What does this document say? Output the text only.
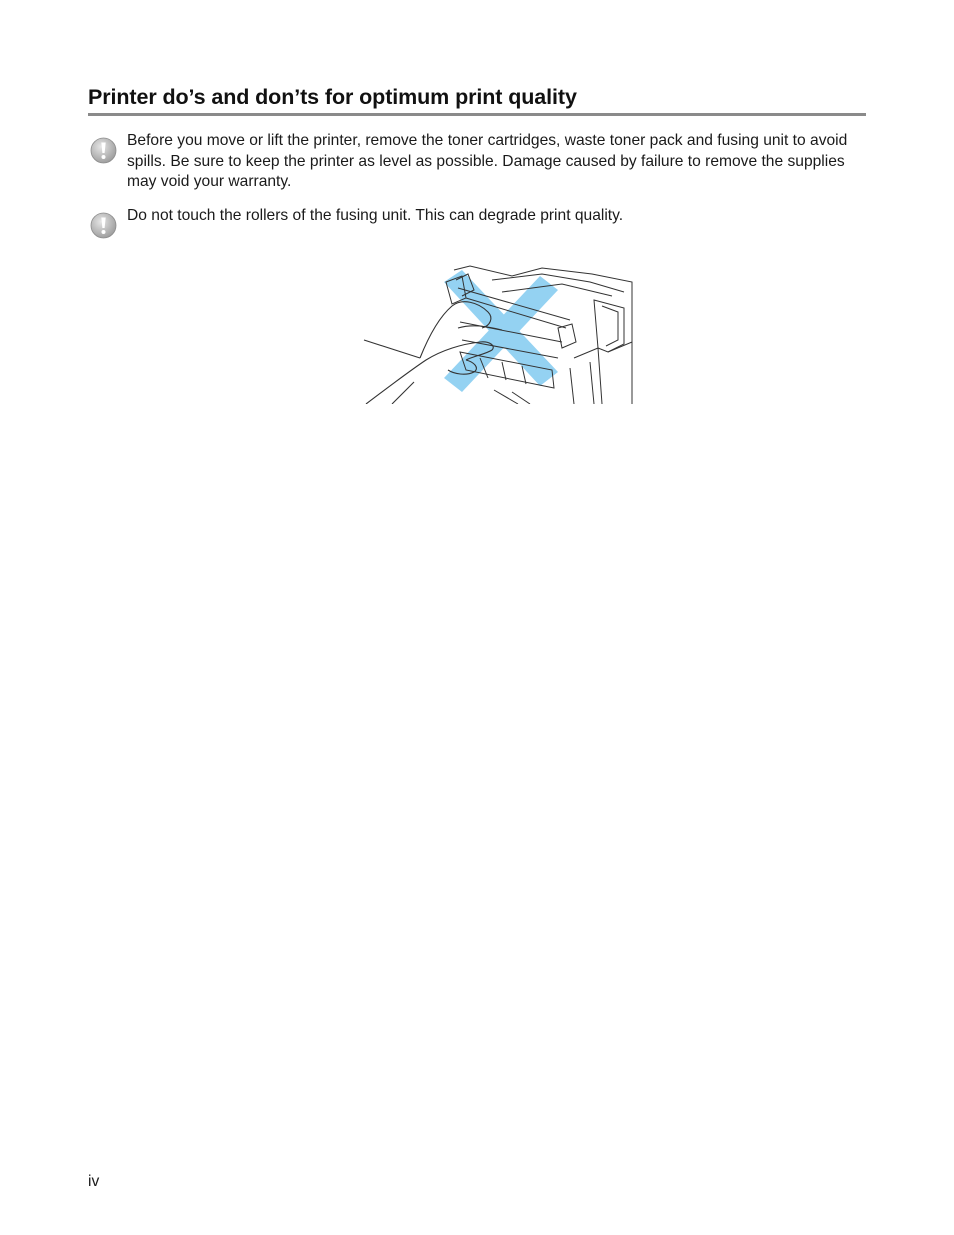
Printer do’s and don’ts for optimum print quality

Before you move or lift the printer, remove the toner cartridges, waste toner pack and fusing unit to avoid spills. Be sure to keep the printer as level as possible. Damage caused by failure to remove the supplies may void your warranty.

Do not touch the rollers of the fusing unit. This can degrade print quality.

iv
